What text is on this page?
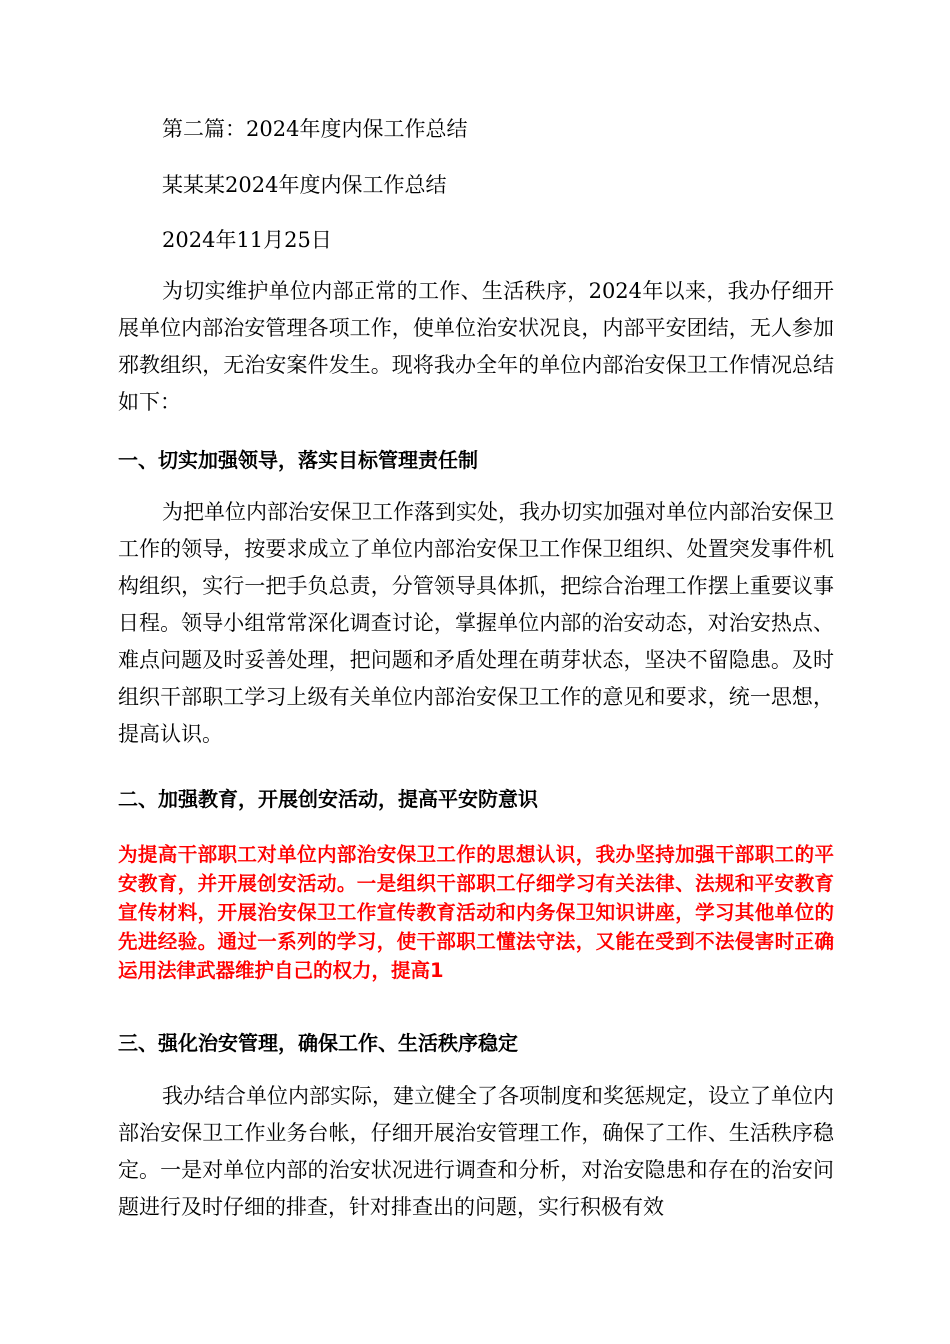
第二篇：2024年度内保工作总结

某某某2024年度内保工作总结

2024年11月25日

为切实维护单位内部正常的工作、生活秩序，2024年以来，我办仔细开展单位内部治安管理各项工作，使单位治安状况良，内部平安团结，无人参加邪教组织，无治安案件发生。现将我办全年的单位内部治安保卫工作情况总结如下：

一、切实加强领导，落实目标管理责任制

为把单位内部治安保卫工作落到实处，我办切实加强对单位内部治安保卫工作的领导，按要求成立了单位内部治安保卫工作保卫组织、处置突发事件机构组织，实行一把手负总责，分管领导具体抓，把综合治理工作摆上重要议事日程。领导小组常常深化调查讨论，掌握单位内部的治安动态，对治安热点、难点问题及时妥善处理，把问题和矛盾处理在萌芽状态，坚决不留隐患。及时组织干部职工学习上级有关单位内部治安保卫工作的意见和要求，统一思想，提高认识。

二、加强教育，开展创安活动，提高平安防意识

为提高干部职工对单位内部治安保卫工作的思想认识，我办坚持加强干部职工的平安教育，并开展创安活动。一是组织干部职工仔细学习有关法律、法规和平安教育宣传材料，开展治安保卫工作宣传教育活动和内务保卫知识讲座，学习其他单位的先进经验。通过一系列的学习，使干部职工懂法守法，又能在受到不法侵害时正确运用法律武器维护自己的权力，提高1

三、强化治安管理，确保工作、生活秩序稳定

我办结合单位内部实际，建立健全了各项制度和奖惩规定，设立了单位内部治安保卫工作业务台帐，仔细开展治安管理工作，确保了工作、生活秩序稳定。一是对单位内部的治安状况进行调查和分析，对治安隐患和存在的治安问题进行及时仔细的排查，针对排查出的问题，实行积极有效
